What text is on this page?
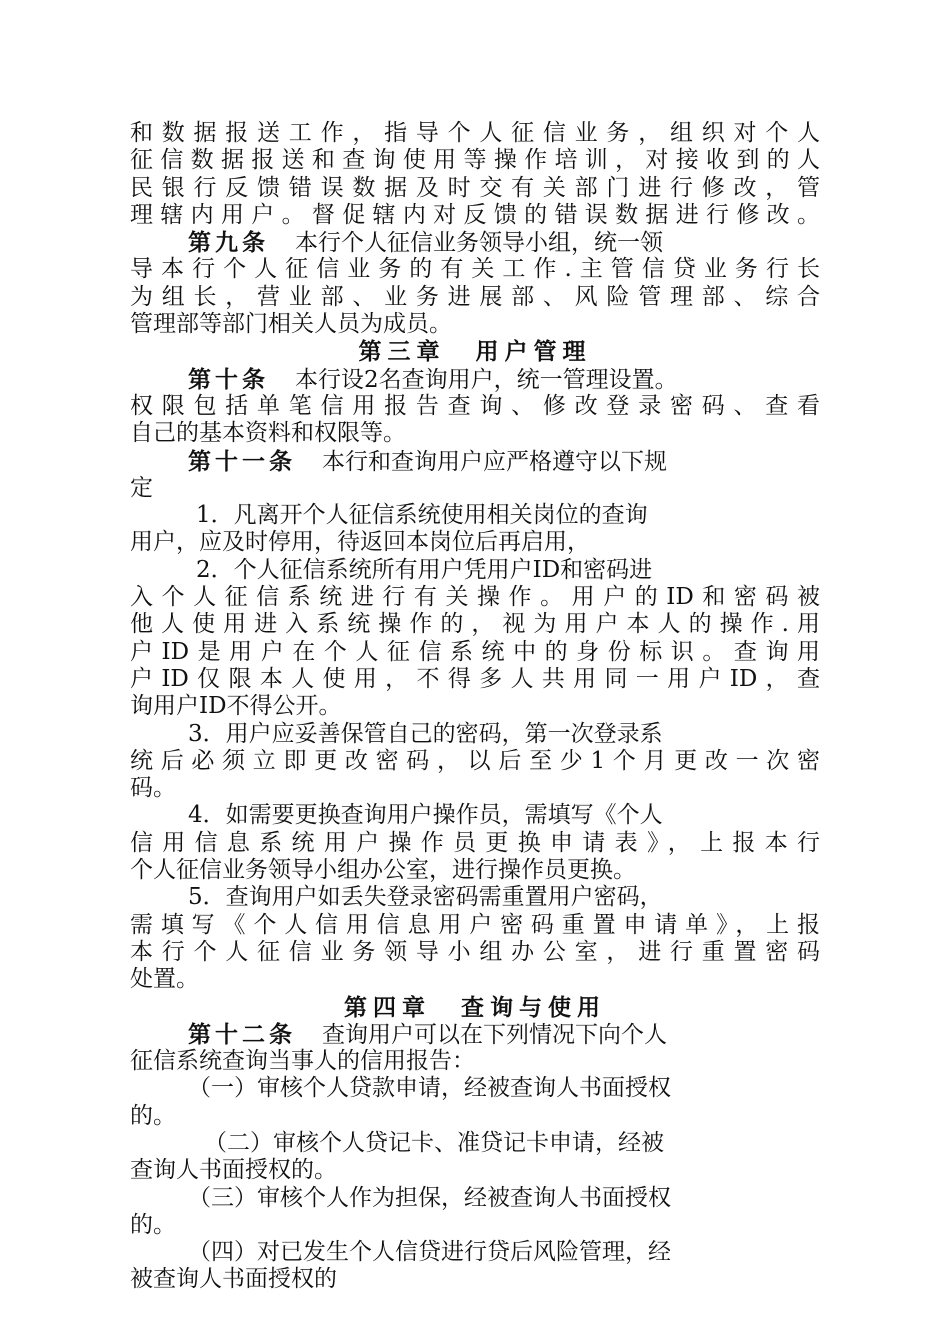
和数据报送工作，指导个人征信业务，组织对个人
征信数据报送和查询使用等操作培训，对接收到的人
民银行反馈错误数据及时交有关部门进行修改，管
理辖内用户。督促辖内对反馈的错误数据进行修改。
第九条 本行个人征信业务领导小组，统一领
导本行个人征信业务的有关工作.主管信贷业务行长
为组长，营业部、业务进展部、风险管理部、综合
管理部等部门相关人员为成员。
第三章 用户管理
第十条 本行设2名查询用户，统一管理设置。
权限包括单笔信用报告查询、修改登录密码、查看
自己的基本资料和权限等。
第十一条 本行和查询用户应严格遵守以下规
定
1．凡离开个人征信系统使用相关岗位的查询
用户，应及时停用，待返回本岗位后再启用，
2．个人征信系统所有用户凭用户ID和密码进
入个人征信系统进行有关操作。用户的ID和密码被
他人使用进入系统操作的，视为用户本人的操作.用
户ID是用户在个人征信系统中的身份标识。查询用
户ID仅限本人使用，不得多人共用同一用户ID，查
询用户ID不得公开。
3．用户应妥善保管自己的密码，第一次登录系
统后必须立即更改密码，以后至少1个月更改一次密
码。
4．如需要更换查询用户操作员，需填写《个人
信用信息系统用户操作员更换申请表》，上报本行
个人征信业务领导小组办公室，进行操作员更换。
5．查询用户如丢失登录密码需重置用户密码，
需填写《个人信用信息用户密码重置申请单》，上报
本行个人征信业务领导小组办公室，进行重置密码
处置。
第四章 查询与使用
第十二条 查询用户可以在下列情况下向个人
征信系统查询当事人的信用报告：
（一）审核个人贷款申请，经被查询人书面授权
的。
（二）审核个人贷记卡、准贷记卡申请，经被
查询人书面授权的。
（三）审核个人作为担保，经被查询人书面授权
的。
（四）对已发生个人信贷进行贷后风险管理，经
被查询人书面授权的
